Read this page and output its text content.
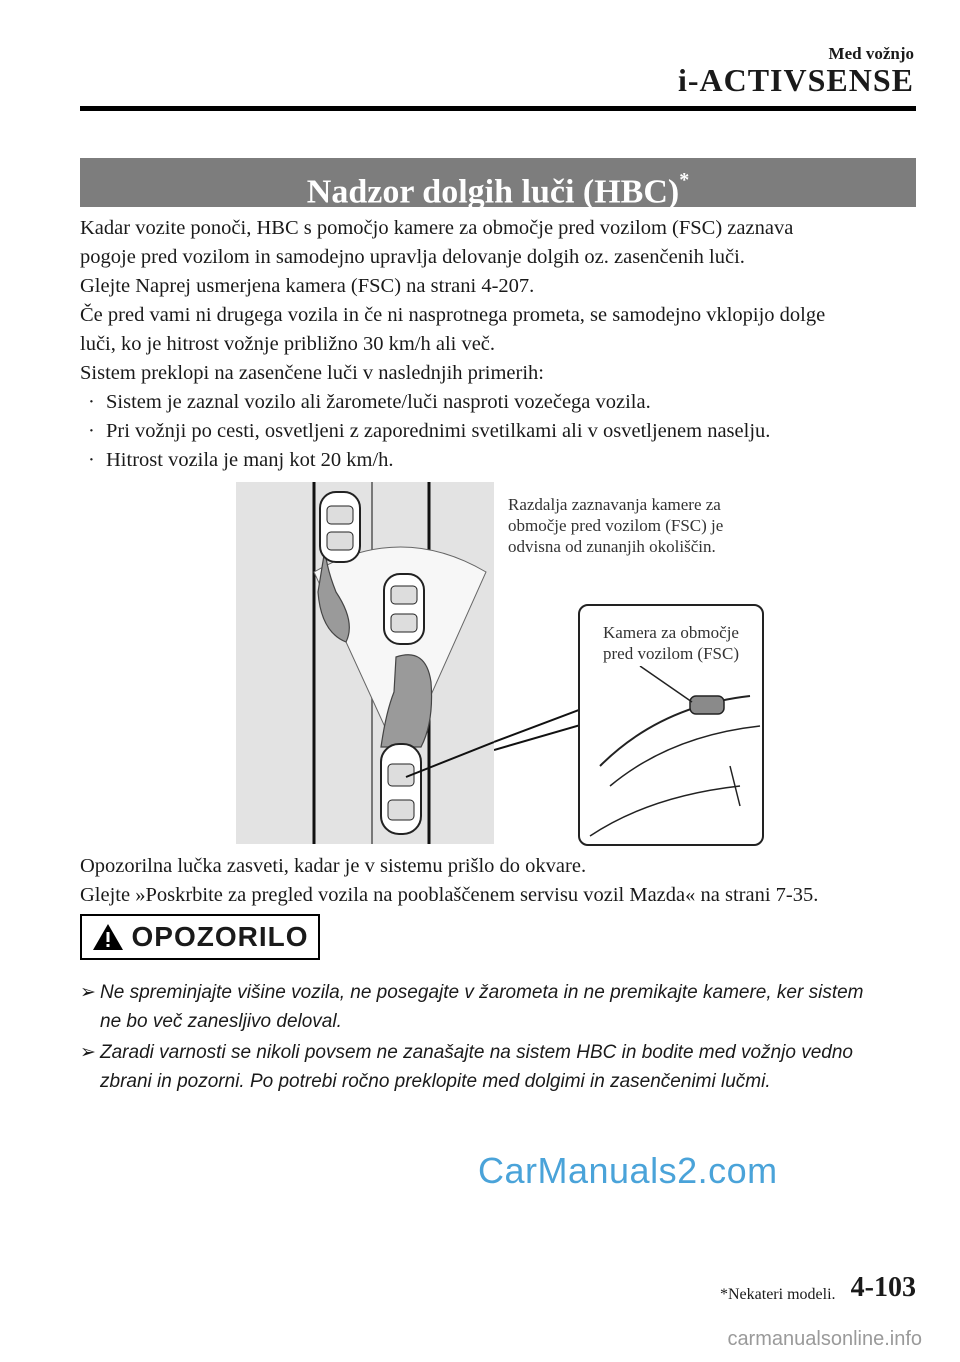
Med vožnjo
i-ACTIVSENSE
Nadzor dolgih luči (HBC)*

Kadar vozite ponoči, HBC s pomočjo kamere za območje pred vozilom (FSC) zaznava

pogoje pred vozilom in samodejno upravlja delovanje dolgih oz. zasenčenih luči.

Glejte Naprej usmerjena kamera (FSC) na strani 4-207.

Če pred vami ni drugega vozila in če ni nasprotnega prometa, se samodejno vklopijo dolge

luči, ko je hitrost vožnje približno 30 km/h ali več.

Sistem preklopi na zasenčene luči v naslednjih primerih:

· Sistem je zaznal vozilo ali žaromete/luči nasproti vozečega vozila.
· Pri vožnji po cesti, osvetljeni z zaporednimi svetilkami ali v osvetljenem naselju.
· Hitrost vozila je manj kot 20 km/h.
Razdalja zaznavanja kamere za
območje pred vozilom (FSC) je
odvisna od zunanjih okoliščin.
Kamera za območje
pred vozilom (FSC)
Opozorilna lučka zasveti, kadar je v sistemu prišlo do okvare.
Glejte »Poskrbite za pregled vozila na pooblaščenem servisu vozil Mazda« na strani 7-35.
OPOZORILO
➢ Ne spreminjajte višine vozila, ne posegajte v žarometa in ne premikajte kamere, ker sistem
ne bo več zanesljivo deloval.
➢ Zaradi varnosti se nikoli povsem ne zanašajte na sistem HBC in bodite med vožnjo vedno
zbrani in pozorni. Po potrebi ročno preklopite med dolgimi in zasenčenimi lučmi.
CarManuals2.com
*Nekateri modeli. 4-103
carmanualsonline.info
